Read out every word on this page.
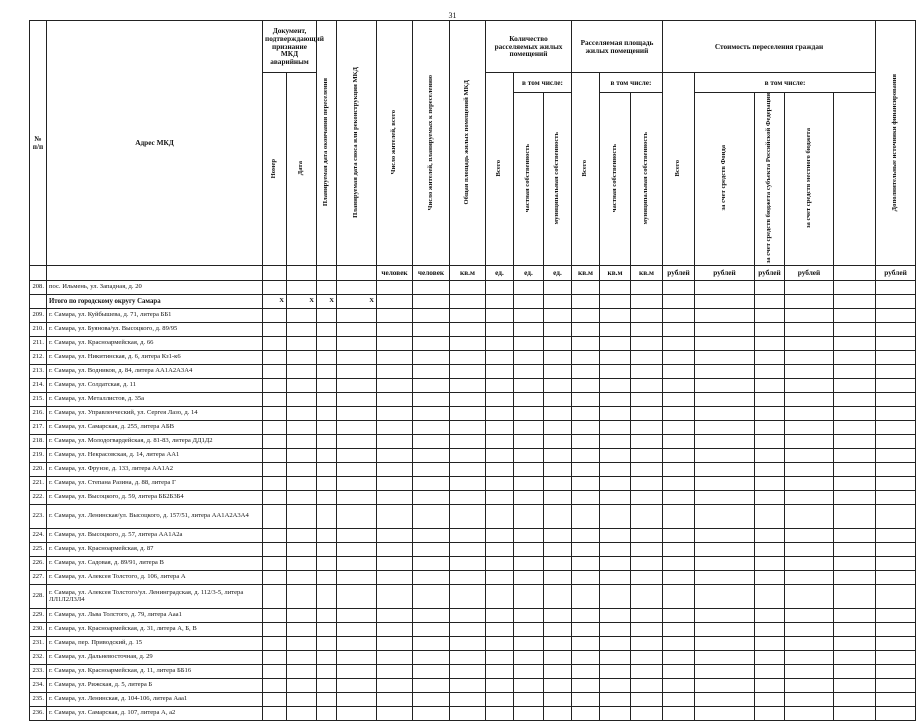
31
№ п/п	Адрес МКД	Документ, подтверждающий признание МКД аварийным		Планируемая дата окончания переселения	Планируемая дата сноса или реконструкции МКД	Число жителей, всего	Число жителей, планируемых к переселению	Общая площадь жилых помещений МКД	Количество расселяемых жилых помещений			Расселяемая площадь жилых помещений			Стоимость переселения граждан					Дополнительные источники финансирования
		Номер	Дата						Всего	в том числе:		Всего	в том числе:		Всего	в том числе:				
										частная собственность	муниципальная собственность		частная собственность	муниципальная собственность		за счет средств Фонда	за счет средств бюджета субъекта Российской Федерации	за счет средств местного бюджета		
						человек	человек	кв.м	ед.	ед.	ед.	кв.м	кв.м	кв.м	рублей	рублей	рублей	рублей		рублей
208.	пос. Ильмень, ул. Западная, д. 20																			
	Итого по городскому округу Самара	X	X	X	X															
209.	г. Самара, ул. Куйбышева, д. 71, литера ББ1																			
210.	г. Самара, ул. Буянова/ул. Высоцкого, д. 89/95																			
211.	г. Самара, ул. Красноармейская, д. 66																			
212.	г. Самара, ул. Никитинская, д. 6, литера Кз1-к6																			
213.	г. Самара, ул. Водников, д. 84, литера АА1А2А3А4																			
214.	г. Самара, ул. Солдатская, д. 11																			
215.	г. Самара, ул. Металлистов, д. 35а																			
216.	г. Самара, ул. Управленческий, ул. Сергея Лазо, д. 14																			
217.	г. Самара, ул. Самарская, д. 255, литера АБВ																			
218.	г. Самара, ул. Молодогвардейская, д. 81-83, литера ДД1Д2																			
219.	г. Самара, ул. Некрасовская, д. 14, литера АА1																			
220.	г. Самара, ул. Фрунзе, д. 133, литера АА1А2																			
221.	г. Самара, ул. Степана Разина, д. 88, литера Г																			
222.	г. Самара, ул. Высоцкого, д. 59, литера ББ2Б3Б4																			
223.	г. Самара, ул. Ленинская/ул. Высоцкого, д. 157/51, литера АА1А2А3А4																			
224.	г. Самара, ул. Высоцкого, д. 57, литера АА1А2а																			
225.	г. Самара, ул. Красноармейская, д. 87																			
226.	г. Самара, ул. Садовая, д. 89/91, литера В																			
227.	г. Самара, ул. Алексея Толстого, д. 106, литера А																			
228.	г. Самара, ул. Алексея Толстого/ул. Ленинградская, д. 112/3-5, литера ЛЛ1Л2Л3Л4																			
229.	г. Самара, ул. Льва Толстого, д. 79, литера Ааа1																			
230.	г. Самара, ул. Красноармейская, д. 31, литера А, Б, В																			
231.	г. Самара, пер. Приводский, д. 15																			
232.	г. Самара, ул. Дальневосточная, д. 29																			
233.	г. Самара, ул. Красноармейская, д. 11, литера ББ16																			
234.	г. Самара, ул. Рижская, д. 5, литера Б																			
235.	г. Самара, ул. Ленинская, д. 104-106, литера Ааа1																			
236.	г. Самара, ул. Самарская, д. 107, литера А, а2																			
